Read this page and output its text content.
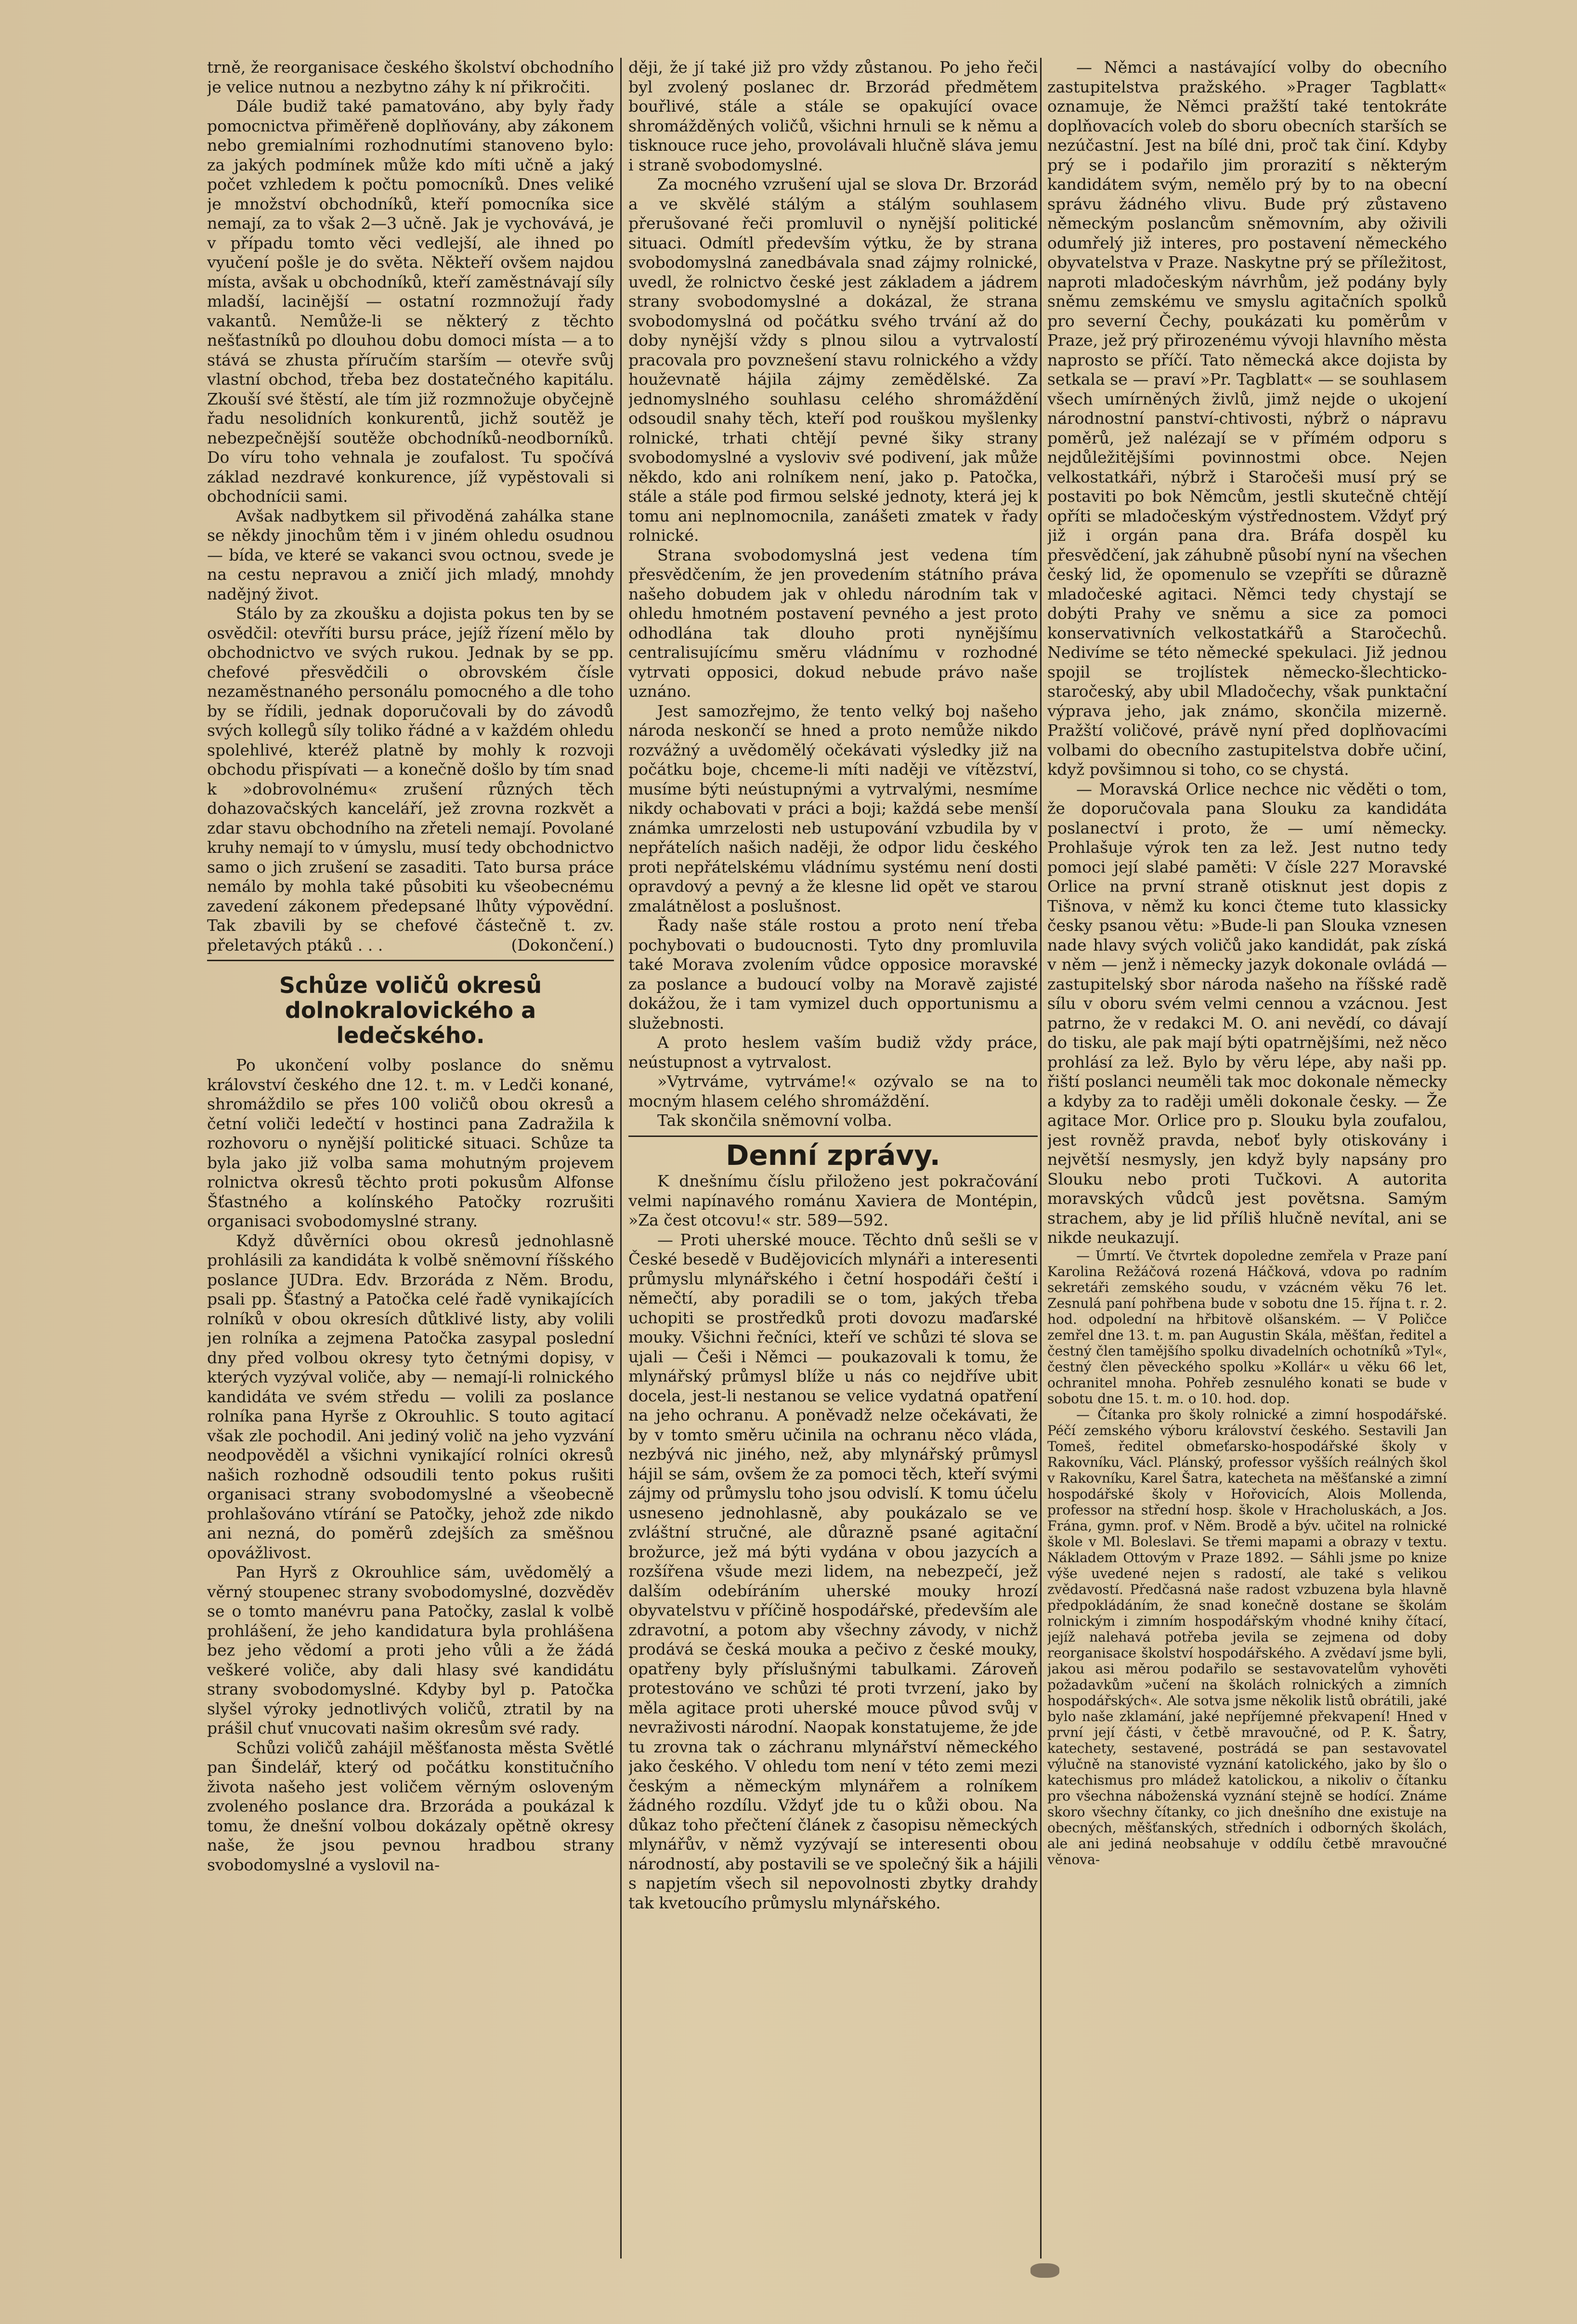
trně, že reorganisace českého školství obchodního je velice nutnou a nezbytno záhy k ní přikročiti.

Dále budiž také pamatováno, aby byly řady pomocnictva přiměřeně doplňovány, aby zákonem nebo gremialními rozhodnutími stanoveno bylo: za jakých podmínek může kdo míti učně a jaký počet vzhledem k počtu pomocníků. Dnes veliké je množství obchodníků, kteří pomocníka sice nemají, za to však 2—3 učně. Jak je vychovává, je v případu tomto věci vedlejší, ale ihned po vyučení pošle je do světa. Někteří ovšem najdou místa, avšak u obchodníků, kteří zaměstnávají síly mladší, lacinější — ostatní rozmnožují řady vakantů. Nemůže-li se některý z těchto nešťastníků po dlouhou dobu domoci místa — a to stává se zhusta příručím starším — otevře svůj vlastní obchod, třeba bez dostatečného kapitálu. Zkouší své štěstí, ale tím již rozmnožuje obyčejně řadu nesolidních konkurentů, jichž soutěž je nebezpečnější soutěže obchodníků-neodborníků. Do víru toho vehnala je zoufalost. Tu spočívá základ nezdravé konkurence, jíž vypěstovali si obchodnícii sami.

Avšak nadbytkem sil přivoděná zahálka stane se někdy jinochům těm i v jiném ohledu osudnou — bída, ve které se vakanci svou octnou, svede je na cestu nepravou a zničí jich mladý, mnohdy nadějný život.

Stálo by za zkoušku a dojista pokus ten by se osvědčil: otevříti bursu práce, jejíž řízení mělo by obchodnictvo ve svých rukou. Jednak by se pp. chefové přesvědčili o obrovském čísle nezaměstnaného personálu pomocného a dle toho by se řídili, jednak doporučovali by do závodů svých kollegů síly toliko řádné a v každém ohledu spolehlivé, kteréž platně by mohly k rozvoji obchodu přispívati — a konečně došlo by tím snad k »dobrovolnému« zrušení různých těch dohazovačských kanceláří, jež zrovna rozkvět a zdar stavu obchodního na zřeteli nemají. Povolané kruhy nemají to v úmyslu, musí tedy obchodnictvo samo o jich zrušení se zasaditi. Tato bursa práce nemálo by mohla také působiti ku všeobecnému zavedení zákonem předepsané lhůty výpovědní. Tak zbavili by se chefové částečně t. zv. přeletavých ptáků . . .	(Dokončení.)

Schůze voličů okresů dolnokralovického a ledečského.

Po ukončení volby poslance do sněmu království českého dne 12. t. m. v Ledči konané, shromáždilo se přes 100 voličů obou okresů a četní voliči ledečtí v hostinci pana Zadražila k rozhovoru o nynější politické situaci. Schůze ta byla jako již volba sama mohutným projevem rolnictva okresů těchto proti pokusům Alfonse Šťastného a kolínského Patočky rozrušiti organisaci svobodomyslné strany.

Když důvěrníci obou okresů jednohlasně prohlásili za kandidáta k volbě sněmovní říšského poslance JUDra. Edv. Brzoráda z Něm. Brodu, psali pp. Šťastný a Patočka celé řadě vynikajících rolníků v obou okresích důtklivé listy, aby volili jen rolníka a zejmena Patočka zasypal poslední dny před volbou okresy tyto četnými dopisy, v kterých vyzýval voliče, aby — nemají-li rolnického kandidáta ve svém středu — volili za poslance rolníka pana Hyrše z Okrouhlic. S touto agitací však zle pochodil. Ani jediný volič na jeho vyzvání neodpověděl a všichni vynikající rolníci okresů našich rozhodně odsoudili tento pokus rušiti organisaci strany svobodomyslné a všeobecně prohlašováno vtírání se Patočky, jehož zde nikdo ani nezná, do poměrů zdejších za směšnou opovážlivost.

Pan Hyrš z Okrouhlice sám, uvědomělý a věrný stoupenec strany svobodomyslné, dozvěděv se o tomto manévru pana Patočky, zaslal k volbě prohlášení, že jeho kandidatura byla prohlášena bez jeho vědomí a proti jeho vůli a že žádá veškeré voliče, aby dali hlasy své kandidátu strany svobodomyslné. Kdyby byl p. Patočka slyšel výroky jednotlivých voličů, ztratil by na prášil chuť vnucovati našim okresům své rady.

Schůzi voličů zahájil měšťanosta města Světlé pan Šindelář, který od počátku konstitučního života našeho jest voličem věrným osloveným zvoleného poslance dra. Brzoráda a poukázal k tomu, že dnešní volbou dokázaly opětně okresy naše, že jsou pevnou hradbou strany svobodomyslné a vyslovil na-

ději, že jí také již pro vždy zůstanou. Po jeho řeči byl zvolený poslanec dr. Brzorád předmětem bouřlivé, stále a stále se opakující ovace shromážděných voličů, všichni hrnuli se k němu a tisknouce ruce jeho, provolávali hlučně sláva jemu i straně svobodomyslné.

Za mocného vzrušení ujal se slova Dr. Brzorád a ve skvělé stálým a stálým souhlasem přerušované řeči promluvil o nynější politické situaci. Odmítl především výtku, že by strana svobodomyslná zanedbávala snad zájmy rolnické, uvedl, že rolnictvo české jest základem a jádrem strany svobodomyslné a dokázal, že strana svobodomyslná od počátku svého trvání až do doby nynější vždy s plnou silou a vytrvalostí pracovala pro povznešení stavu rolnického a vždy houževnatě hájila zájmy zemědělské. Za jednomyslného souhlasu celého shromáždění odsoudil snahy těch, kteří pod rouškou myšlenky rolnické, trhati chtějí pevné šiky strany svobodomyslné a vysloviv své podivení, jak může někdo, kdo ani rolníkem není, jako p. Patočka, stále a stále pod firmou selské jednoty, která jej k tomu ani neplnomocnila, zanášeti zmatek v řady rolnické.

Strana svobodomyslná jest vedena tím přesvědčením, že jen provedením státního práva našeho dobudem jak v ohledu národním tak v ohledu hmotném postavení pevného a jest proto odhodlána tak dlouho proti nynějšímu centralisujícímu směru vládnímu v rozhodné vytrvati opposici, dokud nebude právo naše uznáno.

Jest samozřejmo, že tento velký boj našeho národa neskončí se hned a proto nemůže nikdo rozvážný a uvědomělý očekávati výsledky již na počátku boje, chceme-li míti naději ve vítězství, musíme býti neústupnými a vytrvalými, nesmíme nikdy ochabovati v práci a boji; každá sebe menší známka umrzelosti neb ustupování vzbudila by v nepřátelích našich naději, že odpor lidu českého proti nepřátelskému vládnímu systému není dosti opravdový a pevný a že klesne lid opět ve starou zmalátnělost a poslušnost.

Řady naše stále rostou a proto není třeba pochybovati o budoucnosti. Tyto dny promluvila také Morava zvolením vůdce opposice moravské za poslance a budoucí volby na Moravě zajisté dokážou, že i tam vymizel duch opportunismu a služebnosti.

A proto heslem vaším budiž vždy práce, neústupnost a vytrvalost.

»Vytrváme, vytrváme!« ozývalo se na to mocným hlasem celého shromáždění.

Tak skončila sněmovní volba.

Denní zprávy.

K dnešnímu číslu přiloženo jest pokračování velmi napínavého románu Xaviera de Montépin, »Za čest otcovu!« str. 589—592.

— Proti uherské mouce. Těchto dnů sešli se v České besedě v Budějovicích mlynáři a interesenti průmyslu mlynářského i četní hospodáři čeští i němečtí, aby poradili se o tom, jakých třeba uchopiti se prostředků proti dovozu maďarské mouky. Všichni řečníci, kteří ve schůzi té slova se ujali — Češi i Němci — poukazovali k tomu, že mlynářský průmysl blíže u nás co nejdříve ubit docela, jest-li nestanou se velice vydatná opatření na jeho ochranu. A poněvadž nelze očekávati, že by v tomto směru učinila na ochranu něco vláda, nezbývá nic jiného, než, aby mlynářský průmysl hájil se sám, ovšem že za pomoci těch, kteří svými zájmy od průmyslu toho jsou odvislí. K tomu účelu usneseno jednohlasně, aby poukázalo se ve zvláštní stručné, ale důrazně psané agitační brožurce, jež má býti vydána v obou jazycích a rozšířena všude mezi lidem, na nebezpečí, jež dalším odebíráním uherské mouky hrozí obyvatelstvu v příčině hospodářské, především ale zdravotní, a potom aby všechny závody, v nichž prodává se česká mouka a pečivo z české mouky, opatřeny byly příslušnými tabulkami. Zároveň protestováno ve schůzi té proti tvrzení, jako by měla agitace proti uherské mouce původ svůj v nevraživosti národní. Naopak konstatujeme, že jde tu zrovna tak o záchranu mlynářství německého jako českého. V ohledu tom není v této zemi mezi českým a německým mlynářem a rolníkem žádného rozdílu. Vždyť jde tu o kůži obou. Na důkaz toho přečtení článek z časopisu německých mlynářův, v němž vyzývají se interesenti obou národností, aby postavili se ve společný šik a hájili s napjetím všech sil nepovolnosti zbytky drahdy tak kvetoucího průmyslu mlynářského.

— Němci a nastávající volby do obecního zastupitelstva pražského. »Prager Tagblatt« oznamuje, že Němci pražští také tentokráte doplňovacích voleb do sboru obecních starších se nezúčastní. Jest na bílé dni, proč tak činí. Kdyby prý se i podařilo jim prorazití s některým kandidátem svým, nemělo prý by to na obecní správu žádného vlivu. Bude prý zůstaveno německým poslancům sněmovním, aby oživili odumřelý již interes, pro postavení německého obyvatelstva v Praze. Naskytne prý se příležitost, naproti mladočeským návrhům, jež podány byly sněmu zemskému ve smyslu agitačních spolků pro severní Čechy, poukázati ku poměrům v Praze, jež prý přirozenému vývoji hlavního města naprosto se příčí. Tato německá akce dojista by setkala se — praví »Pr. Tagblatt« — se souhlasem všech umírněných živlů, jimž nejde o ukojení národnostní panství-chtivosti, nýbrž o nápravu poměrů, jež nalézají se v přímém odporu s nejdůležitějšími povinnostmi obce. Nejen velkostatkáři, nýbrž i Staročeši musí prý se postaviti po bok Němcům, jestli skutečně chtějí opříti se mladočeským výstřednostem. Vždyť prý již i orgán pana dra. Bráfa dospěl ku přesvědčení, jak záhubně působí nyní na všechen český lid, že opomenulo se vzepříti se důrazně mladočeské agitaci. Němci tedy chystají se dobýti Prahy ve sněmu a sice za pomoci konservativních velkostatkářů a Staročechů. Nedivíme se této německé spekulaci. Již jednou spojil se trojlístek německo-šlechticko-staročeský, aby ubil Mladočechy, však punktační výprava jeho, jak známo, skončila mizerně. Pražští voličové, právě nyní před doplňovacími volbami do obecního zastupitelstva dobře učiní, když povšimnou si toho, co se chystá.

— Moravská Orlice nechce nic věděti o tom, že doporučovala pana Slouku za kandidáta poslanectví i proto, že — umí německy. Prohlašuje výrok ten za lež. Jest nutno tedy pomoci její slabé paměti: V čísle 227 Moravské Orlice na první straně otisknut jest dopis z Tišnova, v němž ku konci čteme tuto klassicky česky psanou větu: »Bude-li pan Slouka vznesen nade hlavy svých voličů jako kandidát, pak získá v něm — jenž i německy jazyk dokonale ovládá — zastupitelský sbor národa našeho na říšské radě sílu v oboru svém velmi cennou a vzácnou. Jest patrno, že v redakci M. O. ani nevědí, co dávají do tisku, ale pak mají býti opatrnějšími, než něco prohlásí za lež. Bylo by věru lépe, aby naši pp. řiští poslanci neuměli tak moc dokonale německy a kdyby za to raději uměli dokonale česky. — Že agitace Mor. Orlice pro p. Slouku byla zoufalou, jest rovněž pravda, neboť byly otiskovány i největší nesmysly, jen když byly napsány pro Slouku nebo proti Tučkovi. A autorita moravských vůdců jest povětsna. Samým strachem, aby je lid příliš hlučně nevítal, ani se nikde neukazují.

— Úmrtí. Ve čtvrtek dopoledne zemřela v Praze paní Karolina Režáčová rozená Háčková, vdova po radním sekretáři zemského soudu, v vzácném věku 76 let. Zesnulá paní pohřbena bude v sobotu dne 15. října t. r. 2. hod. odpolední na hřbitově olšanském. — V Poličce zemřel dne 13. t. m. pan Augustin Skála, měšťan, ředitel a čestný člen tamějšího spolku divadelních ochotníků »Tyl«, čestný člen pěveckého spolku »Kollár« u věku 66 let, ochranitel mnoha. Pohřeb zesnulého konati se bude v sobotu dne 15. t. m. o 10. hod. dop.

— Čítanka pro školy rolnické a zimní hospodářské. Péčí zemského výboru království českého. Sestavili Jan Tomeš, ředitel obmeťarsko-hospodářské školy v Rakovníku, Václ. Plánský, professor vyšších reálných škol v Rakovníku, Karel Šatra, katecheta na měšťanské a zimní hospodářské školy v Hořovicích, Alois Mollenda, professor na střední hosp. škole v Hracholuskách, a Jos. Frána, gymn. prof. v Něm. Brodě a býv. učitel na rolnické škole v Ml. Boleslavi. Se třemi mapami a obrazy v textu. Nákladem Ottovým v Praze 1892. — Sáhli jsme po knize výše uvedené nejen s radostí, ale také s velikou zvědavostí. Předčasná naše radost vzbuzena byla hlavně předpokládáním, že snad konečně dostane se školám rolnickým i zimním hospodářským vhodné knihy čítací, jejíž nalehavá potřeba jevila se zejmena od doby reorganisace školství hospodářského. A zvědaví jsme byli, jakou asi měrou podařilo se sestavovatelům vyhověti požadavkům »učení na školách rolnických a zimních hospodářských«. Ale sotva jsme několik listů obrátili, jaké bylo naše zklamání, jaké nepříjemné překvapení! Hned v první její části, v četbě mravoučné, od P. K. Šatry, katechety, sestavené, postrádá se pan sestavovatel výlučně na stanovisté vyznání katolického, jako by šlo o katechismus pro mládež katolickou, a nikoliv o čítanku pro všechna náboženská vyznání stejně se hodící. Známe skoro všechny čítanky, co jich dnešního dne existuje na obecných, měšťanských, středních i odborných školách, ale ani jediná neobsahuje v oddílu četbě mravoučné věnova-
